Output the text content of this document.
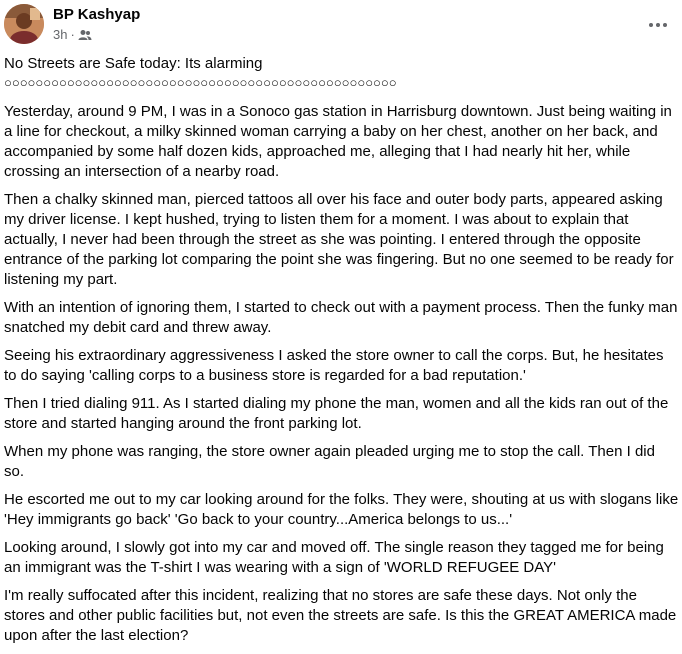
BP Kashyap
3h ·

No Streets are Safe today: Its alarming

○○○○○○○○○○○○○○○○○○○○○○○○○○○○○○○○○○○○○○○○○○○○○○○○○○

Yesterday, around 9 PM, I was in a Sonoco gas station in Harrisburg downtown. Just being waiting in a line for checkout, a milky skinned woman carrying a baby on her chest, another on her back, and accompanied by some half dozen kids, approached me, alleging that I had nearly hit her, while crossing an intersection of a nearby road.

Then a chalky skinned man, pierced tattoos all over his face and outer body parts, appeared asking my driver license. I kept hushed, trying to listen them for a moment. I was about to explain that actually, I never had been through the street as she was pointing. I entered through the opposite entrance of the parking lot comparing the point she was fingering. But no one seemed to be ready for listening my part.

With an intention of ignoring them, I started to check out with a payment process. Then the funky man snatched my debit card and threw away.

Seeing his extraordinary aggressiveness I asked the store owner to call the corps. But, he hesitates to do saying 'calling corps to a business store is regarded for a bad reputation.'

Then I tried dialing 911. As I started dialing my phone the man, women and all the kids ran out of the store and started hanging around the front parking lot.

When my phone was ranging, the store owner again pleaded urging me to stop the call. Then I did so.

He escorted me out to my car looking around for the folks. They were, shouting at us with slogans like 'Hey immigrants go back' 'Go back to your country...America belongs to us...'

Looking around, I slowly got into my car and moved off. The single reason they tagged me for being an immigrant was the T-shirt I was wearing with a sign of 'WORLD REFUGEE DAY'

I'm really suffocated after this incident, realizing that no stores are safe these days. Not only the stores and other public facilities but, not even the streets are safe. Is this the GREAT AMERICA made upon after the last election?
